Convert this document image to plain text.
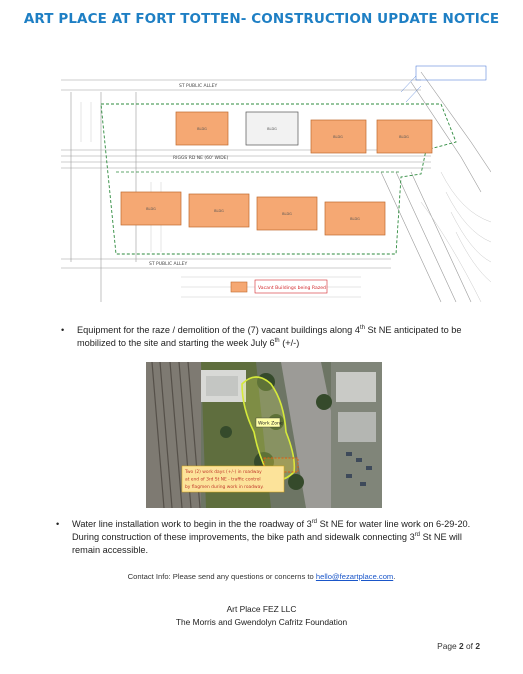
ART PLACE AT FORT TOTTEN- CONSTRUCTION UPDATE NOTICE
ST PUBLIC ALLEY
RIGGS RD NE (60' WIDE)
ST PUBLIC ALLEY
BLDG	BLDG
BLDG	BLDG
BLDG	BLDG
BLDG
BLDG
Vacant Buildings being Razed
• Equipment for the raze / demolition of the (7) vacant buildings along 4th St NE anticipated to be mobilized to the site and starting the week July 6th (+/-)
Work Zone
Two (2) work days (+/-) in roadway
at end of 3rd St NE - traffic control
by flagmen during work in roadway.
• Water line installation work to begin in the the roadway of 3rd St NE for water line work on 6-29-20. During construction of these improvements, the bike path and sidewalk connecting 3rd St NE will remain accessible.
Contact Info: Please send any questions or concerns to hello@fezartplace.com.
Art Place FEZ LLC
The Morris and Gwendolyn Cafritz Foundation
Page 2 of 2
